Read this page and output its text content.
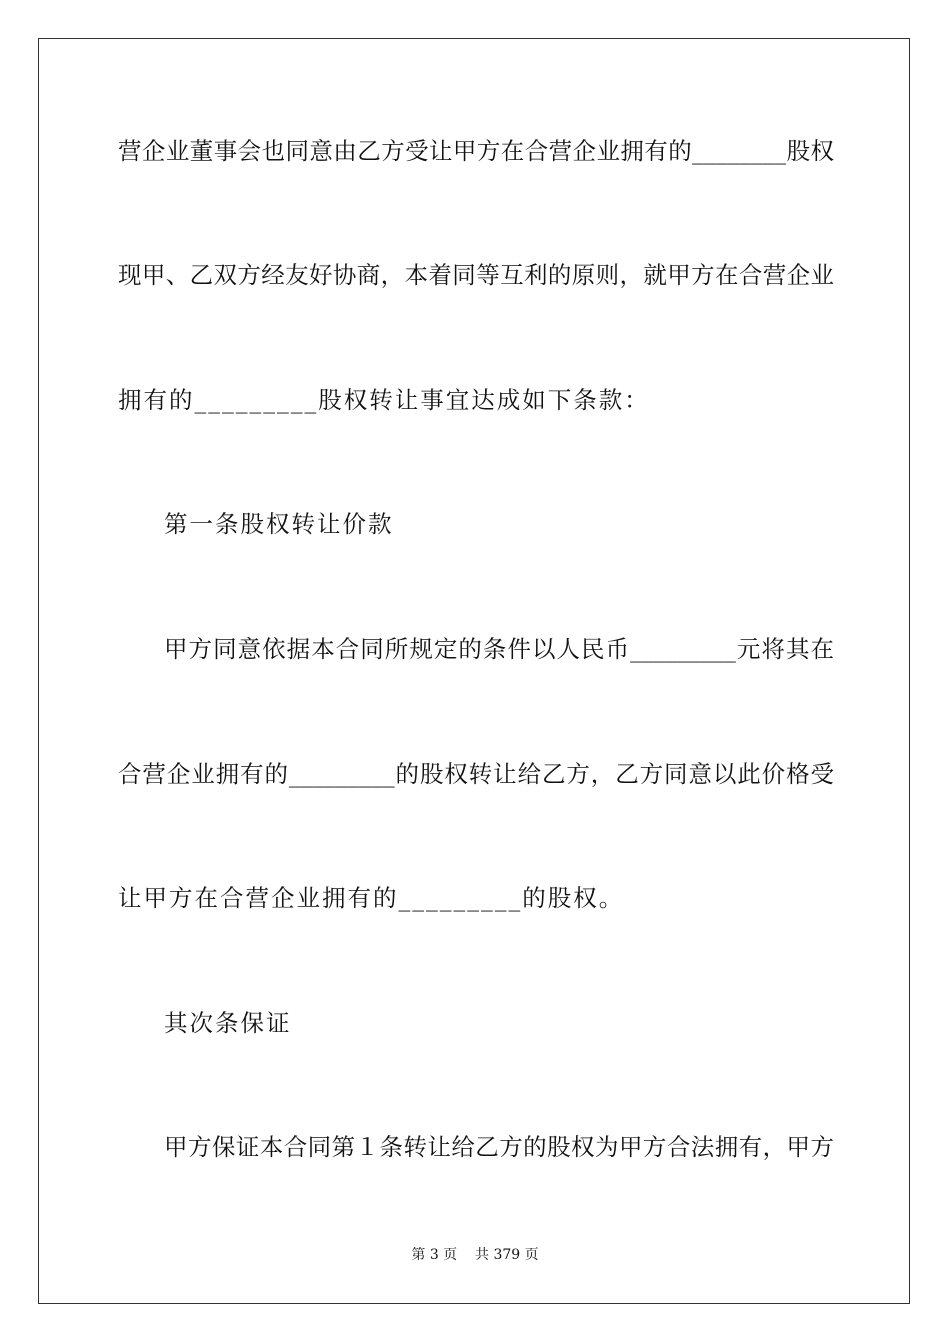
营企业董事会也同意由乙方受让甲方在合营企业拥有的________股权
现甲、乙双方经友好协商，本着同等互利的原则，就甲方在合营企业
拥有的_________股权转让事宜达成如下条款：
第一条股权转让价款
甲方同意依据本合同所规定的条件以人民币_________元将其在
合营企业拥有的_________的股权转让给乙方，乙方同意以此价格受
让甲方在合营企业拥有的_________的股权。
其次条保证
甲方保证本合同第１条转让给乙方的股权为甲方合法拥有，甲方
第 3 页 共 379 页
